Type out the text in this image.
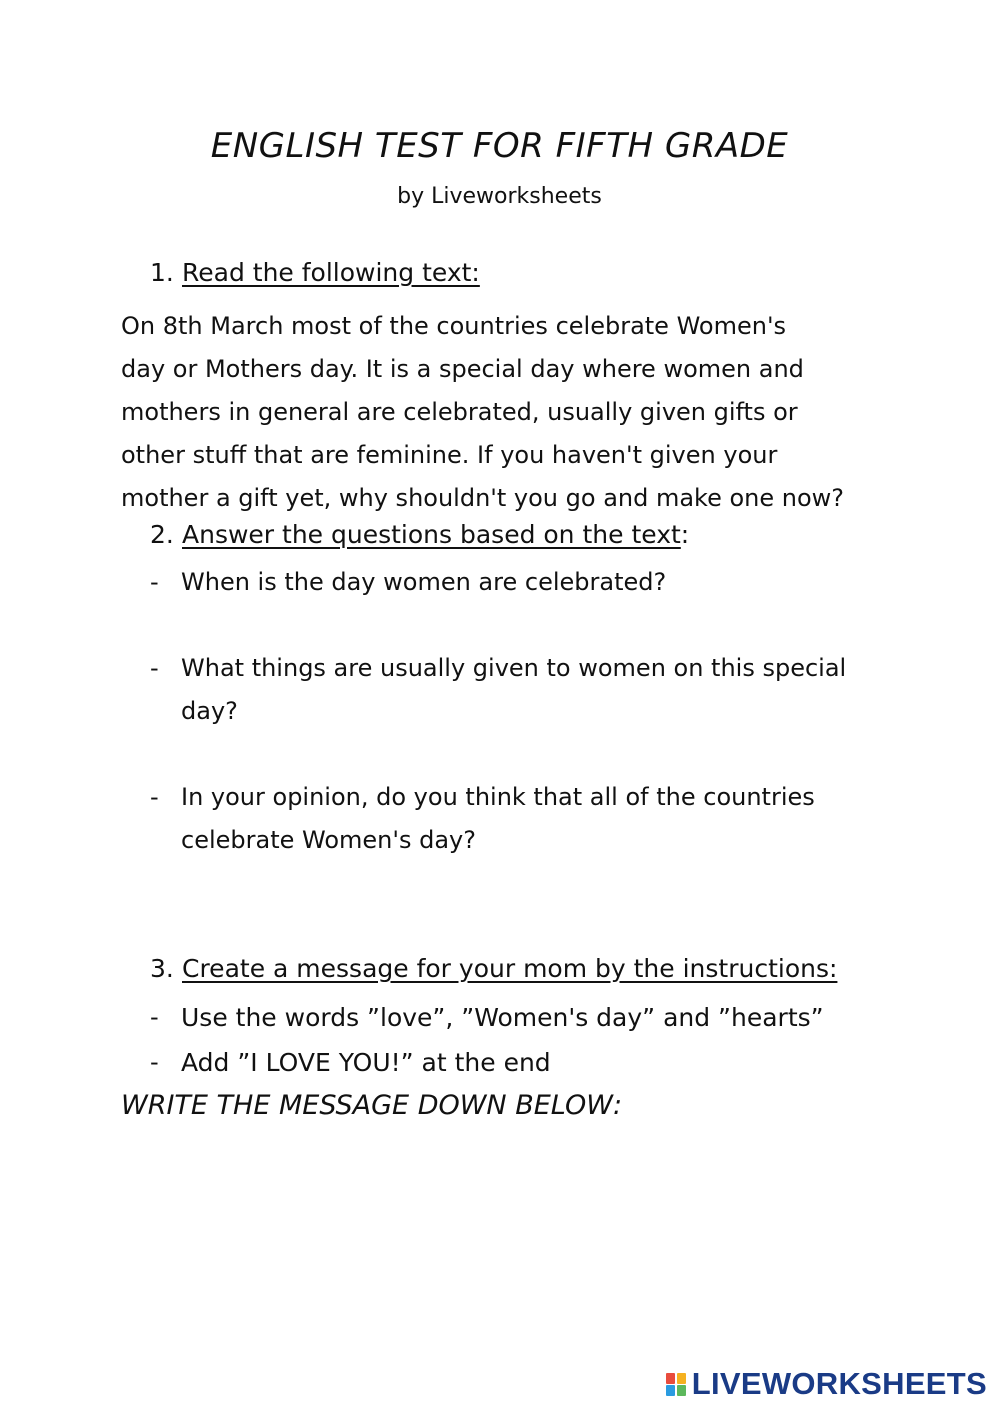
ENGLISH TEST FOR FIFTH GRADE
by Liveworksheets
1. Read the following text:
On 8th March most of the countries celebrate Women's
day or Mothers day. It is a special day where women and
mothers in general are celebrated, usually given gifts or
other stuff that are feminine. If you haven't given your
mother a gift yet, why shouldn't you go and make one now?
2. Answer the questions based on the text:
- When is the day women are celebrated?
- What things are usually given to women on this special
day?
- In your opinion, do you think that all of the countries
celebrate Women's day?
3. Create a message for your mom by the instructions:
- Use the words ”love”, ”Women's day” and ”hearts”
- Add ”I LOVE YOU!” at the end
WRITE THE MESSAGE DOWN BELOW:
LIVEWORKSHEETS
